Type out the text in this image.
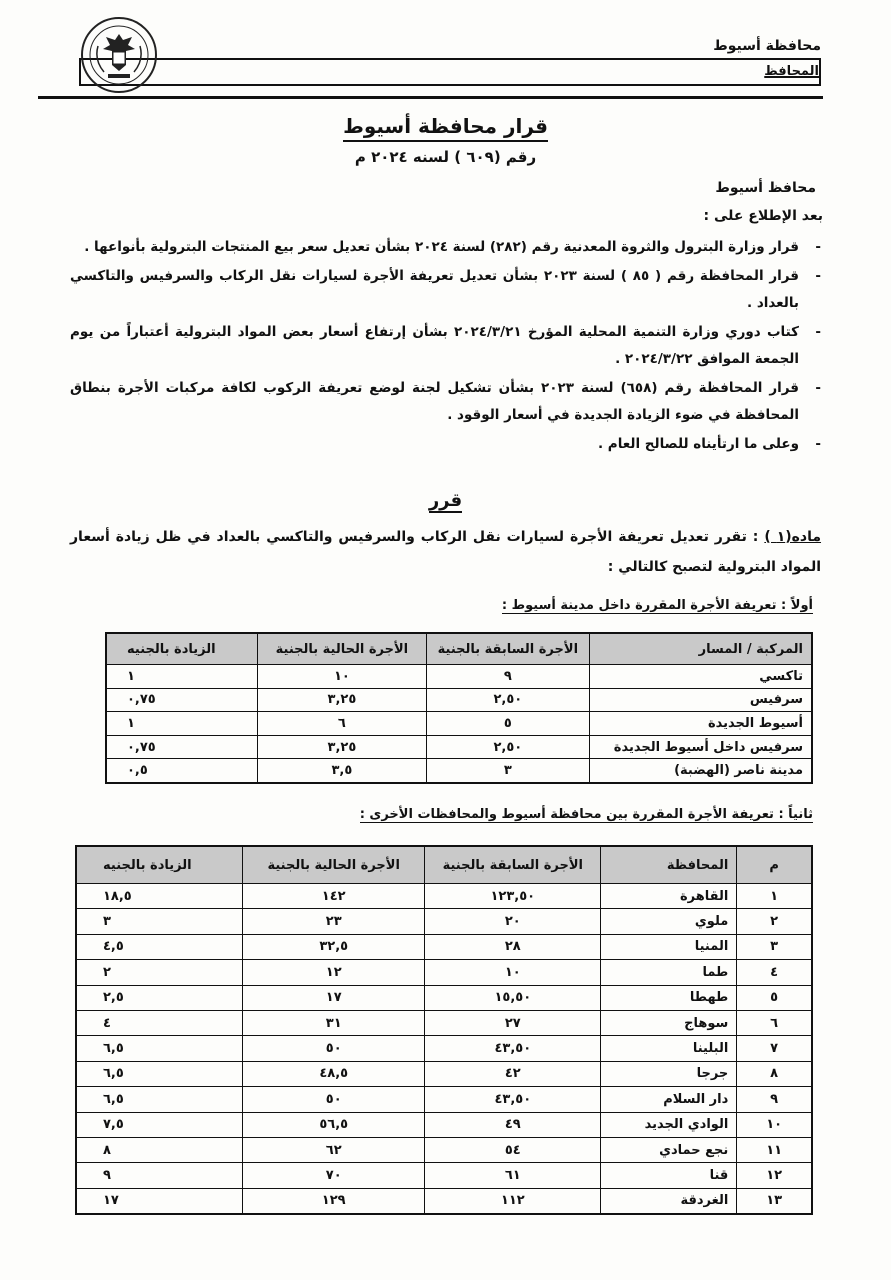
محافظة أسيوط
المحافظ
قرار محافظة أسيوط
رقم (٦٠٩ ) لسنه ٢٠٢٤ م
محافظ أسيوط
بعد الإطلاع على :
-
قرار وزارة البترول والثروة المعدنية رقم (٢٨٢) لسنة ٢٠٢٤ بشأن تعديل سعر بيع المنتجات البترولية بأنواعها .
-
قرار المحافظة رقم ( ٨٥ ) لسنة ٢٠٢٣ بشأن تعديل تعريفة الأجرة لسيارات نقل الركاب والسرفيس والتاكسي بالعداد .
-
كتاب دوري وزارة التنمية المحلية المؤرخ ٢٠٢٤/٣/٢١ بشأن إرتفاع أسعار بعض المواد البترولية أعتباراً من يوم الجمعة الموافق ٢٠٢٤/٣/٢٢ .
-
قرار المحافظة رقم (٦٥٨) لسنة ٢٠٢٣ بشأن تشكيل لجنة لوضع تعريفة الركوب لكافة مركبات الأجرة بنطاق المحافظة في ضوء الزيادة الجديدة في أسعار الوقود .
-
وعلى ما ارتأيناه للصالح العام .
قرر
ماده(١ ) : تقرر تعديل تعريفة الأجرة لسيارات نقل الركاب والسرفيس والتاكسي بالعداد في ظل زيادة أسعار المواد البترولية لتصبح كالتالي :
أولاً : تعريفة الأجرة المقررة داخل مدينة أسيوط :
المركبة / المسار	الأجرة السابقة بالجنية	الأجرة الحالية بالجنية	الزيادة بالجنيه
تاكسي	٩	١٠	١
سرفيس	٢,٥٠	٣,٢٥	٠,٧٥
أسيوط الجديدة	٥	٦	١
سرفيس داخل أسيوط الجديدة	٢,٥٠	٣,٢٥	٠,٧٥
مدينة ناصر (الهضبة)	٣	٣,٥	٠,٥
ثانياً : تعريفة الأجرة المقررة بين محافظة أسيوط والمحافظات الأخرى :
م	المحافظة	الأجرة السابقة بالجنية	الأجرة الحالية بالجنية	الزيادة بالجنيه
١	القاهرة	١٢٣,٥٠	١٤٢	١٨,٥
٢	ملوي	٢٠	٢٣	٣
٣	المنيا	٢٨	٣٢,٥	٤,٥
٤	طما	١٠	١٢	٢
٥	طهطا	١٥,٥٠	١٧	٢,٥
٦	سوهاج	٢٧	٣١	٤
٧	البلينا	٤٣,٥٠	٥٠	٦,٥
٨	جرجا	٤٢	٤٨,٥	٦,٥
٩	دار السلام	٤٣,٥٠	٥٠	٦,٥
١٠	الوادي الجديد	٤٩	٥٦,٥	٧,٥
١١	نجع حمادي	٥٤	٦٢	٨
١٢	قنا	٦١	٧٠	٩
١٣	الغردقة	١١٢	١٢٩	١٧
